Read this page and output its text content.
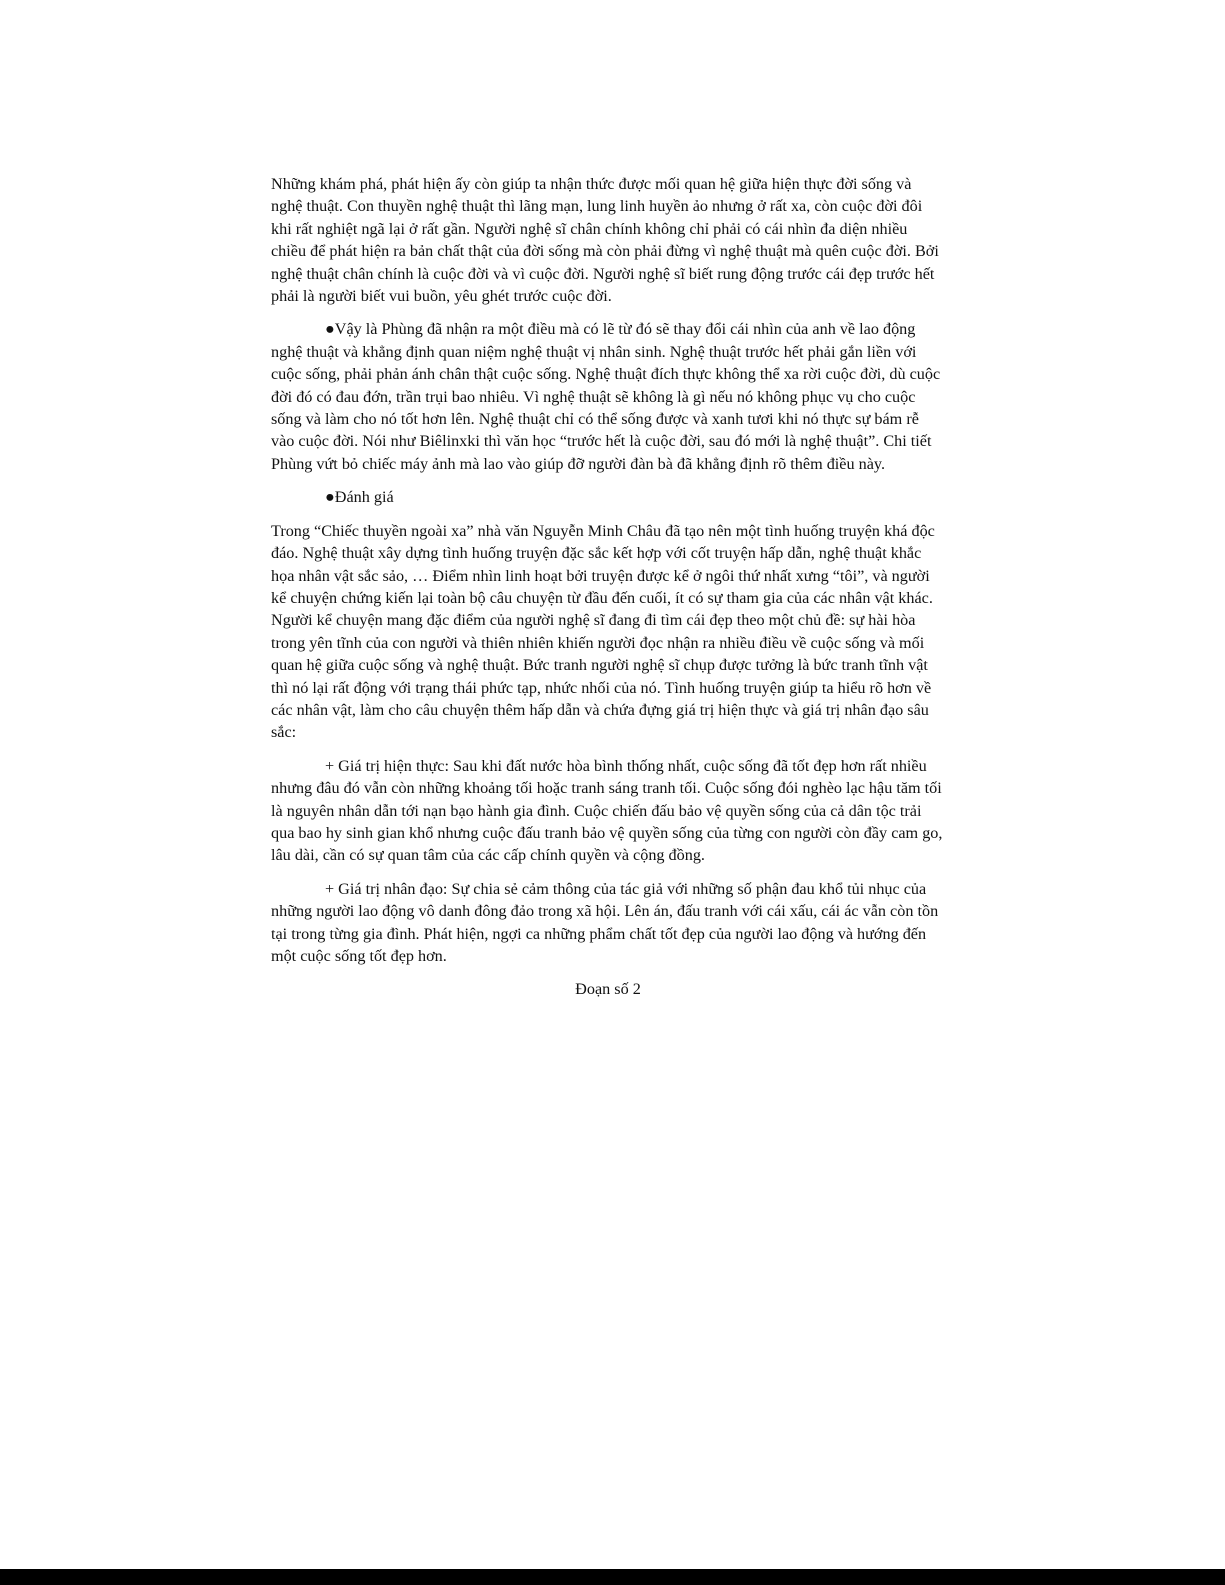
Những khám phá, phát hiện ấy còn giúp ta nhận thức được mối quan hệ giữa hiện thực đời sống và nghệ thuật. Con thuyền nghệ thuật thì lãng mạn, lung linh huyền ảo nhưng ở rất xa, còn cuộc đời đôi khi rất nghiệt ngã lại ở rất gần. Người nghệ sĩ chân chính không chỉ phải có cái nhìn đa diện nhiều chiều để phát hiện ra bản chất thật của đời sống mà còn phải đừng vì nghệ thuật mà quên cuộc đời. Bởi nghệ thuật chân chính là cuộc đời và vì cuộc đời. Người nghệ sĩ biết rung động trước cái đẹp trước hết phải là người biết vui buồn, yêu ghét trước cuộc đời.

●Vậy là Phùng đã nhận ra một điều mà có lẽ từ đó sẽ thay đổi cái nhìn của anh về lao động nghệ thuật và khẳng định quan niệm nghệ thuật vị nhân sinh. Nghệ thuật trước hết phải gắn liền với cuộc sống, phải phản ánh chân thật cuộc sống. Nghệ thuật đích thực không thể xa rời cuộc đời, dù cuộc đời đó có đau đớn, trần trụi bao nhiêu. Vì nghệ thuật sẽ không là gì nếu nó không phục vụ cho cuộc sống và làm cho nó tốt hơn lên. Nghệ thuật chỉ có thể sống được và xanh tươi khi nó thực sự bám rễ vào cuộc đời. Nói như Biêlinxki thì văn học “trước hết là cuộc đời, sau đó mới là nghệ thuật”. Chi tiết Phùng vứt bỏ chiếc máy ảnh mà lao vào giúp đỡ người đàn bà đã khẳng định rõ thêm điều này.

●Đánh giá

Trong “Chiếc thuyền ngoài xa” nhà văn Nguyễn Minh Châu đã tạo nên một tình huống truyện khá độc đáo. Nghệ thuật xây dựng tình huống truyện đặc sắc kết hợp với cốt truyện hấp dẫn, nghệ thuật khắc họa nhân vật sắc sảo, … Điểm nhìn linh hoạt bởi truyện được kể ở ngôi thứ nhất xưng “tôi”, và người kể chuyện chứng kiến lại toàn bộ câu chuyện từ đầu đến cuối, ít có sự tham gia của các nhân vật khác. Người kể chuyện mang đặc điểm của người nghệ sĩ đang đi tìm cái đẹp theo một chủ đề: sự hài hòa trong yên tĩnh của con người và thiên nhiên khiến người đọc nhận ra nhiều điều về cuộc sống và mối quan hệ giữa cuộc sống và nghệ thuật. Bức tranh người nghệ sĩ chụp được tưởng là bức tranh tĩnh vật thì nó lại rất động với trạng thái phức tạp, nhức nhối của nó. Tình huống truyện giúp ta hiểu rõ hơn về các nhân vật, làm cho câu chuyện thêm hấp dẫn và chứa đựng giá trị hiện thực và giá trị nhân đạo sâu sắc:

+ Giá trị hiện thực: Sau khi đất nước hòa bình thống nhất, cuộc sống đã tốt đẹp hơn rất nhiều nhưng đâu đó vẫn còn những khoảng tối hoặc tranh sáng tranh tối. Cuộc sống đói nghèo lạc hậu tăm tối là nguyên nhân dẫn tới nạn bạo hành gia đình. Cuộc chiến đấu bảo vệ quyền sống của cả dân tộc trải qua bao hy sinh gian khổ nhưng cuộc đấu tranh bảo vệ quyền sống của từng con người còn đầy cam go, lâu dài, cần có sự quan tâm của các cấp chính quyền và cộng đồng.

+ Giá trị nhân đạo: Sự chia sẻ cảm thông của tác giả với những số phận đau khổ tủi nhục của những người lao động vô danh đông đảo trong xã hội. Lên án, đấu tranh với cái xấu, cái ác vẫn còn tồn tại trong từng gia đình. Phát hiện, ngợi ca những phẩm chất tốt đẹp của người lao động và hướng đến một cuộc sống tốt đẹp hơn.

Đoạn số 2
